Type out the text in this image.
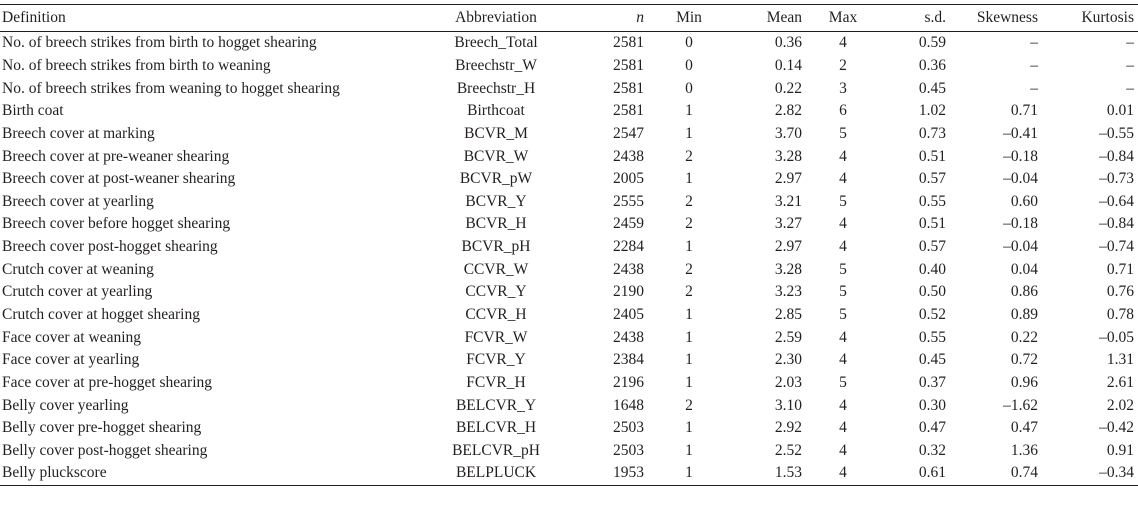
Definition	Abbreviation	n	Min	Mean	Max	s.d.	Skewness	Kurtosis
No. of breech strikes from birth to hogget shearing	Breech_Total	2581	0	0.36	4	0.59	–	–
No. of breech strikes from birth to weaning	Breechstr_W	2581	0	0.14	2	0.36	–	–
No. of breech strikes from weaning to hogget shearing	Breechstr_H	2581	0	0.22	3	0.45	–	–
Birth coat	Birthcoat	2581	1	2.82	6	1.02	0.71	0.01
Breech cover at marking	BCVR_M	2547	1	3.70	5	0.73	–0.41	–0.55
Breech cover at pre-weaner shearing	BCVR_W	2438	2	3.28	4	0.51	–0.18	–0.84
Breech cover at post-weaner shearing	BCVR_pW	2005	1	2.97	4	0.57	–0.04	–0.73
Breech cover at yearling	BCVR_Y	2555	2	3.21	5	0.55	0.60	–0.64
Breech cover before hogget shearing	BCVR_H	2459	2	3.27	4	0.51	–0.18	–0.84
Breech cover post-hogget shearing	BCVR_pH	2284	1	2.97	4	0.57	–0.04	–0.74
Crutch cover at weaning	CCVR_W	2438	2	3.28	5	0.40	0.04	0.71
Crutch cover at yearling	CCVR_Y	2190	2	3.23	5	0.50	0.86	0.76
Crutch cover at hogget shearing	CCVR_H	2405	1	2.85	5	0.52	0.89	0.78
Face cover at weaning	FCVR_W	2438	1	2.59	4	0.55	0.22	–0.05
Face cover at yearling	FCVR_Y	2384	1	2.30	4	0.45	0.72	1.31
Face cover at pre-hogget shearing	FCVR_H	2196	1	2.03	5	0.37	0.96	2.61
Belly cover yearling	BELCVR_Y	1648	2	3.10	4	0.30	–1.62	2.02
Belly cover pre-hogget shearing	BELCVR_H	2503	1	2.92	4	0.47	0.47	–0.42
Belly cover post-hogget shearing	BELCVR_pH	2503	1	2.52	4	0.32	1.36	0.91
Belly pluckscore	BELPLUCK	1953	1	1.53	4	0.61	0.74	–0.34
